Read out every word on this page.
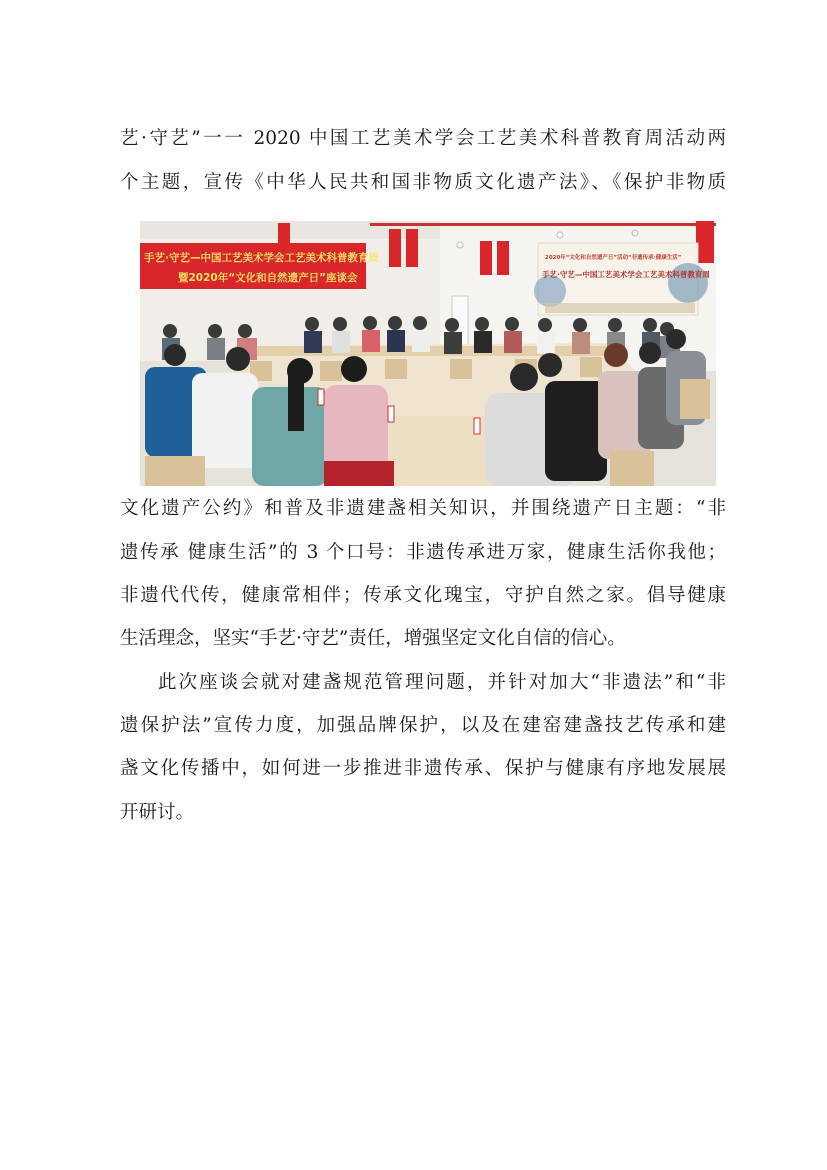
艺·守艺”一一 2020 中国工艺美术学会工艺美术科普教育周活动两
个主题，宣传《中华人民共和国非物质文化遗产法》、《保护非物质
手艺·守艺—中国工艺美术学会工艺美术科普教育周
暨2020年“文化和自然遗产日”座谈会
2020年“文化和自然遗产日”活动“非遗传承·健康生活”
手艺·守艺—中国工艺美术学会工艺美术科普教育周
文化遗产公约》和普及非遗建盏相关知识，并围绕遗产日主题：“非
遗传承 健康生活”的 3 个口号：非遗传承进万家，健康生活你我他；
非遗代代传，健康常相伴；传承文化瑰宝，守护自然之家。倡导健康
生活理念，坚实“手艺·守艺”责任，增强坚定文化自信的信心。
此次座谈会就对建盏规范管理问题，并针对加大“非遗法”和“非
遗保护法”宣传力度，加强品牌保护，以及在建窑建盏技艺传承和建
盏文化传播中，如何进一步推进非遗传承、保护与健康有序地发展展
开研讨。
